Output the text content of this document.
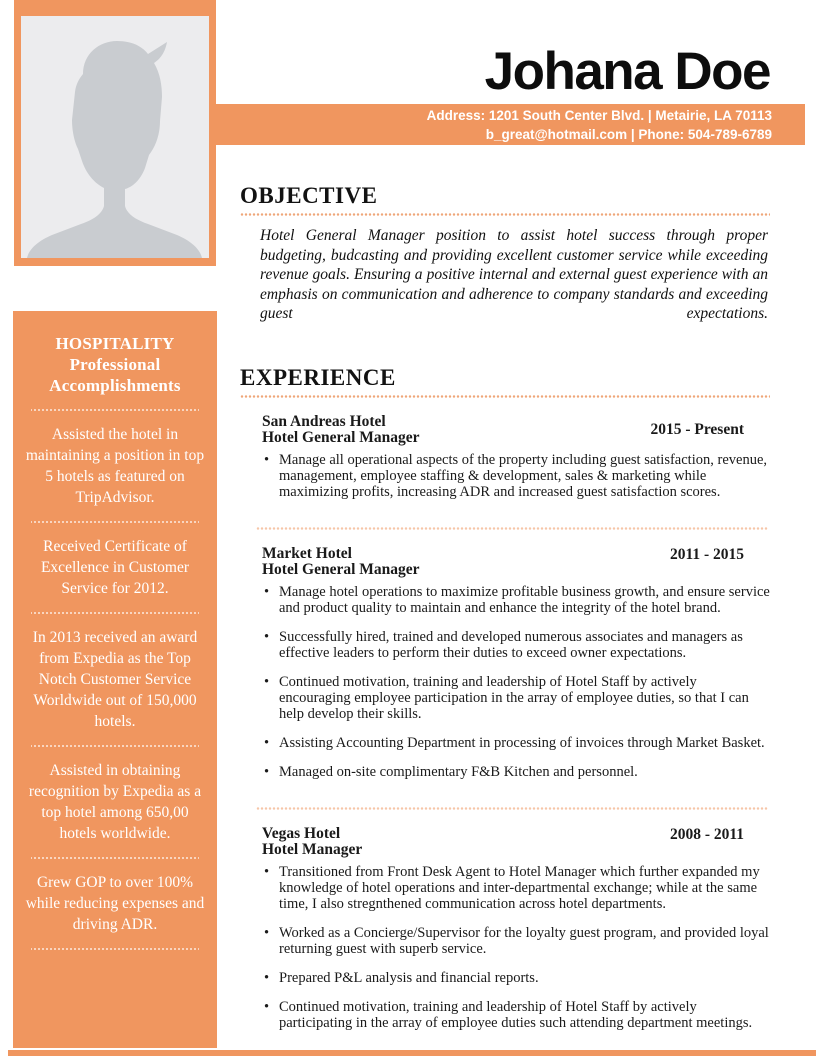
Johana Doe
Address: 1201 South Center Blvd. | Metairie, LA 70113
b_great@hotmail.com | Phone: 504-789-6789
HOSPITALITY
Professional
Accomplishments

Assisted the hotel in maintaining a position in top 5 hotels as featured on TripAdvisor.

Received Certificate of Excellence in Customer Service for 2012.

In 2013 received an award from Expedia as the Top Notch Customer Service Worldwide out of 150,000 hotels.

Assisted in obtaining recognition by Expedia as a top hotel among 650,00 hotels worldwide.

Grew GOP to over 100% while reducing expenses and driving ADR.

OBJECTIVE

Hotel General Manager position to assist hotel success through proper budgeting, budcasting and providing excellent customer service while exceeding revenue goals. Ensuring a positive internal and external guest experience with an emphasis on communication and adherence to company standards and exceeding guest expectations.

EXPERIENCE
San Andreas Hotel
Hotel General Manager	2015 - Present
• Manage all operational aspects of the property including guest satisfaction, revenue, management, employee staffing & development, sales & marketing while maximizing profits, increasing ADR and increased guest satisfaction scores.
Market Hotel
Hotel General Manager
2011 - 2015
• Manage hotel operations to maximize profitable business growth, and ensure service and product quality to maintain and enhance the integrity of the hotel brand.
• Successfully hired, trained and developed numerous associates and managers as effective leaders to perform their duties to exceed owner expectations.
• Continued motivation, training and leadership of Hotel Staff by actively encouraging employee participation in the array of employee duties, so that I can help develop their skills.
• Assisting Accounting Department in processing of invoices through Market Basket.
• Managed on-site complimentary F&B Kitchen and personnel.
Vegas Hotel
Hotel Manager
2008 - 2011
• Transitioned from Front Desk Agent to Hotel Manager which further expanded my knowledge of hotel operations and inter-departmental exchange; while at the same time, I also stregnthened communication across hotel departments.
• Worked as a Concierge/Supervisor for the loyalty guest program, and provided loyal returning guest with superb service.
• Prepared P&L analysis and financial reports.
• Continued motivation, training and leadership of Hotel Staff by actively participating in the array of employee duties such attending department meetings.
